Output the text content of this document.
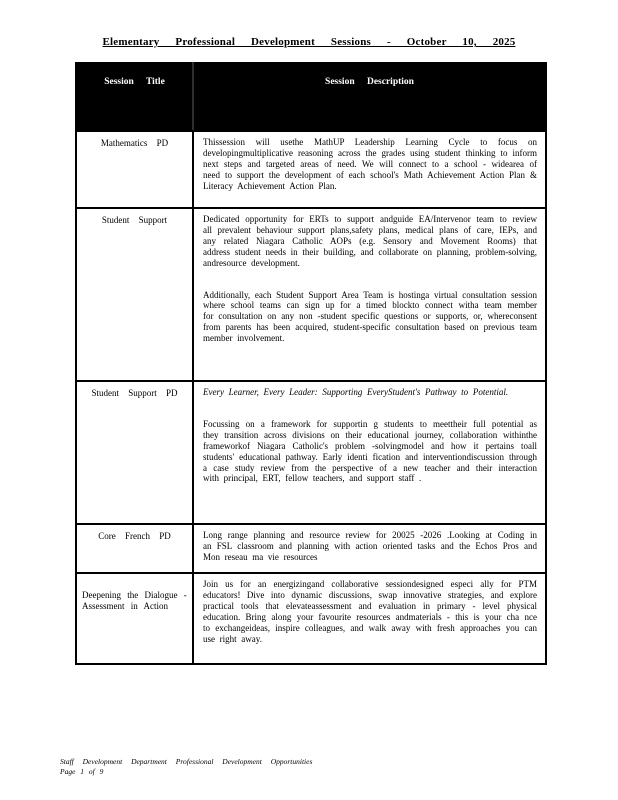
Elementary Professional Development Sessions - October 10, 2025
Session Title	Session Description
Mathematics PD	Thissession will usethe MathUP Leadership Learning Cycle to focus on developingmultiplicative reasoning across the grades using student thinking to inform next steps and targeted areas of need. We will connect to a school - widearea of need to support the development of each school's Math Achievement Action Plan & Literacy Achievement Action Plan.

Student Support	Dedicated opportunity for ERTs to support andguide EA/Intervenor team to review all prevalent behaviour support plans,safety plans, medical plans of care, IEPs, and any related Niagara Catholic AOPs (e.g. Sensory and Movement Rooms) that address student needs in their building, and collaborate on planning, problem-solving, andresource development.

Additionally, each Student Support Area Team is hostinga virtual consultation session where school teams can sign up for a timed blockto connect witha team member for consultation on any non -student specific questions or supports, or, whereconsent from parents has been acquired, student-specific consultation based on previous team member involvement.

Student Support PD	Every Learner, Every Leader: Supporting EveryStudent's Pathway to Potential.

Focussing on a framework for supportin g students to meettheir full potential as they transition across divisions on their educational journey, collaboration withinthe frameworkof Niagara Catholic's problem -solvingmodel and how it pertains toall students' educational pathway. Early identi fication and interventiondiscussion through a case study review from the perspective of a new teacher and their interaction with principal, ERT, fellow teachers, and support staff .

Core French PD	Long range planning and resource review for 20025 -2026 .Looking at Coding in an FSL classroom and planning with action oriented tasks and the Echos Pros and Mon reseau ma vie resources

Deepening the Dialogue - Assessment in Action	Join us for an energizingand collaborative sessiondesigned especi ally for PTM educators! Dive into dynamic discussions, swap innovative strategies, and explore practical tools that elevateassessment and evaluation in primary - level physical education. Bring along your favourite resources andmaterials - this is your cha nce to exchangeideas, inspire colleagues, and walk away with fresh approaches you can use right away.

Staff Development Department Professional Development Opportunities
Page 1 of 9
